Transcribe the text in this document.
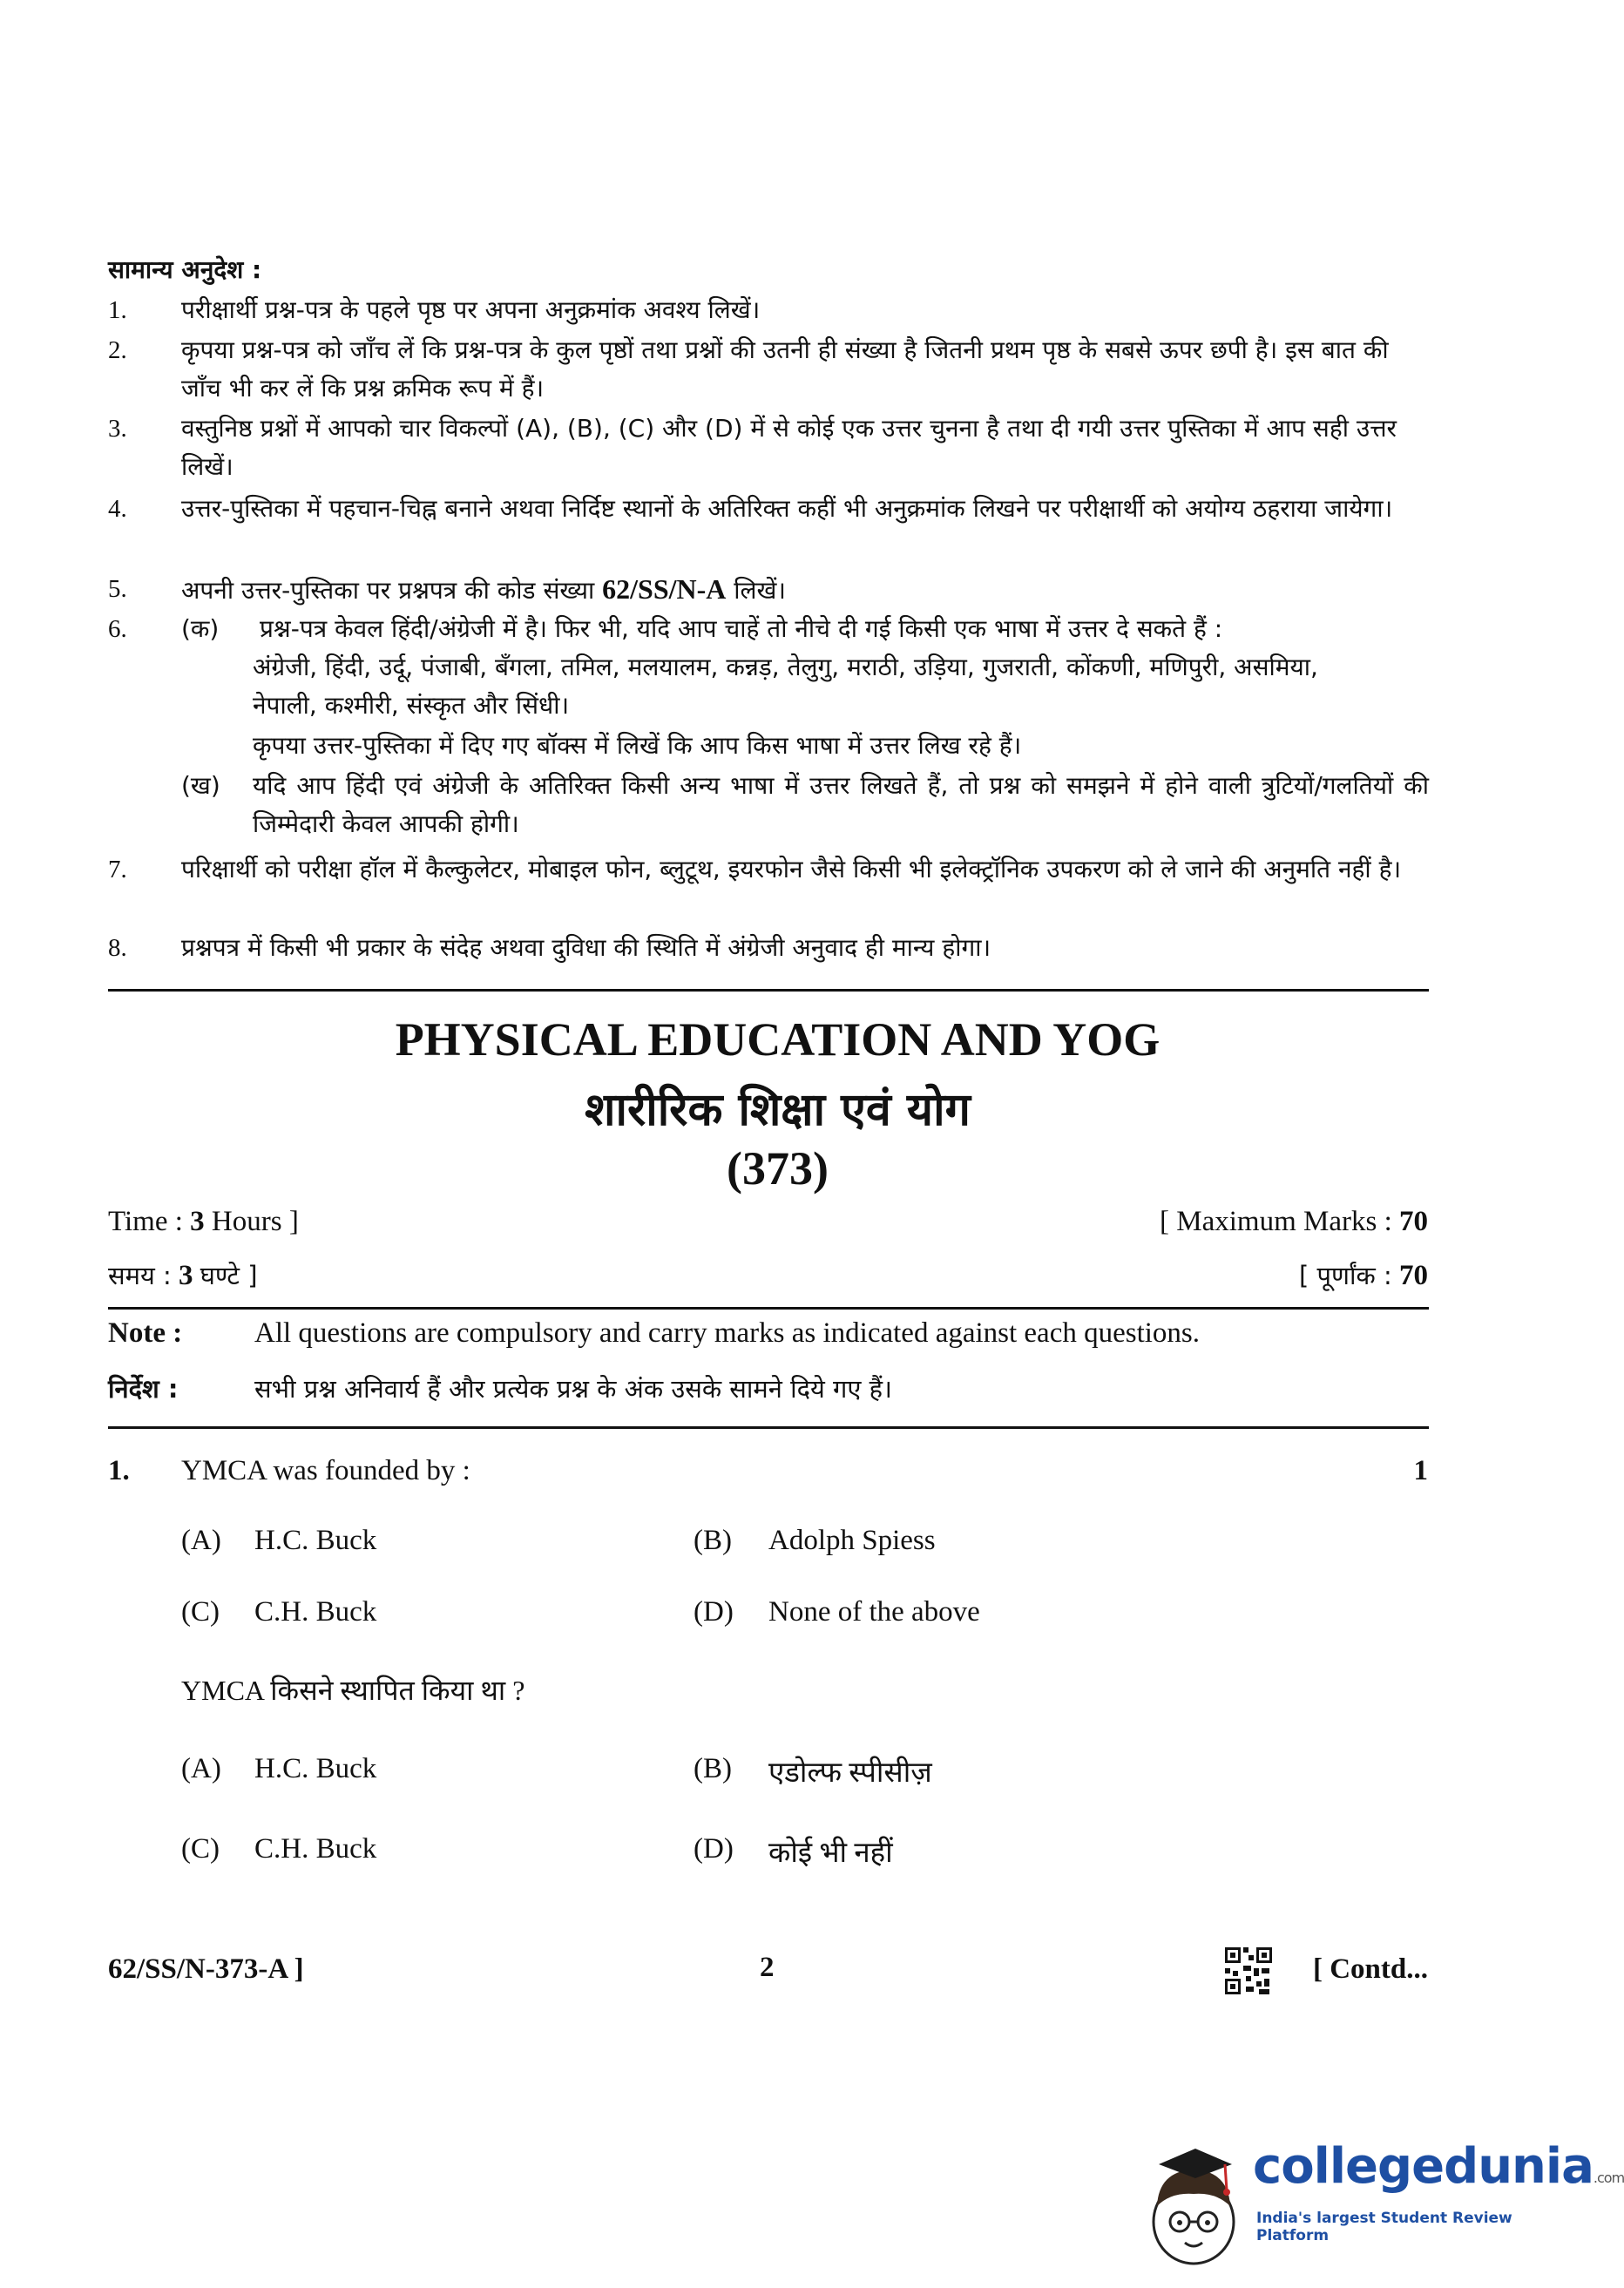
सामान्य अनुदेश :
1.	परीक्षार्थी प्रश्न-पत्र के पहले पृष्ठ पर अपना अनुक्रमांक अवश्य लिखें।
2.	कृपया प्रश्न-पत्र को जाँच लें कि प्रश्न-पत्र के कुल पृष्ठों तथा प्रश्नों की उतनी ही संख्या है जितनी प्रथम पृष्ठ के सबसे ऊपर छपी है। इस बात की जाँच भी कर लें कि प्रश्न क्रमिक रूप में हैं।
3.	वस्तुनिष्ठ प्रश्नों में आपको चार विकल्पों (A), (B), (C) और (D) में से कोई एक उत्तर चुनना है तथा दी गयी उत्तर पुस्तिका में आप सही उत्तर लिखें।
4.	उत्तर-पुस्तिका में पहचान-चिह्न बनाने अथवा निर्दिष्ट स्थानों के अतिरिक्त कहीं भी अनुक्रमांक लिखने पर परीक्षार्थी को अयोग्य ठहराया जायेगा।
5.	अपनी उत्तर-पुस्तिका पर प्रश्नपत्र की कोड संख्या 62/SS/N-A लिखें।
6.	(क) प्रश्न-पत्र केवल हिंदी/अंग्रेजी में है। फिर भी, यदि आप चाहें तो नीचे दी गई किसी एक भाषा में उत्तर दे सकते हैं :
अंग्रेजी, हिंदी, उर्दू, पंजाबी, बँगला, तमिल, मलयालम, कन्नड़, तेलुगु, मराठी, उड़िया, गुजराती, कोंकणी, मणिपुरी, असमिया,
नेपाली, कश्मीरी, संस्कृत और सिंधी।
कृपया उत्तर-पुस्तिका में दिए गए बॉक्स में लिखें कि आप किस भाषा में उत्तर लिख रहे हैं।
(ख) यदि आप हिंदी एवं अंग्रेजी के अतिरिक्त किसी अन्य भाषा में उत्तर लिखते हैं, तो प्रश्न को समझने में होने वाली त्रुटियों/गलतियों की जिम्मेदारी केवल आपकी होगी।
7.	परिक्षार्थी को परीक्षा हॉल में कैल्कुलेटर, मोबाइल फोन, ब्लुटूथ, इयरफोन जैसे किसी भी इलेक्ट्रॉनिक उपकरण को ले जाने की अनुमति नहीं है।
8.	प्रश्नपत्र में किसी भी प्रकार के संदेह अथवा दुविधा की स्थिति में अंग्रेजी अनुवाद ही मान्य होगा।
PHYSICAL EDUCATION AND YOG
शारीरिक शिक्षा एवं योग
(373)
Time : 3 Hours ]	[ Maximum Marks : 70
समय : 3 घण्टे ]	[ पूर्णांक : 70
Note :	All questions are compulsory and carry marks as indicated against each questions.
निर्देश :	सभी प्रश्न अनिवार्य हैं और प्रत्येक प्रश्न के अंक उसके सामने दिये गए हैं।
1. YMCA was founded by :	1
(A) H.C. Buck	(B) Adolph Spiess
(C) C.H. Buck	(D) None of the above
YMCA किसने स्थापित किया था ?
(A) H.C. Buck	(B) एडोल्फ स्पीसीज़
(C) C.H. Buck	(D) कोई भी नहीं
62/SS/N-373-A ]	2	[ Contd...
collegedunia.com
India's largest Student Review Platform
